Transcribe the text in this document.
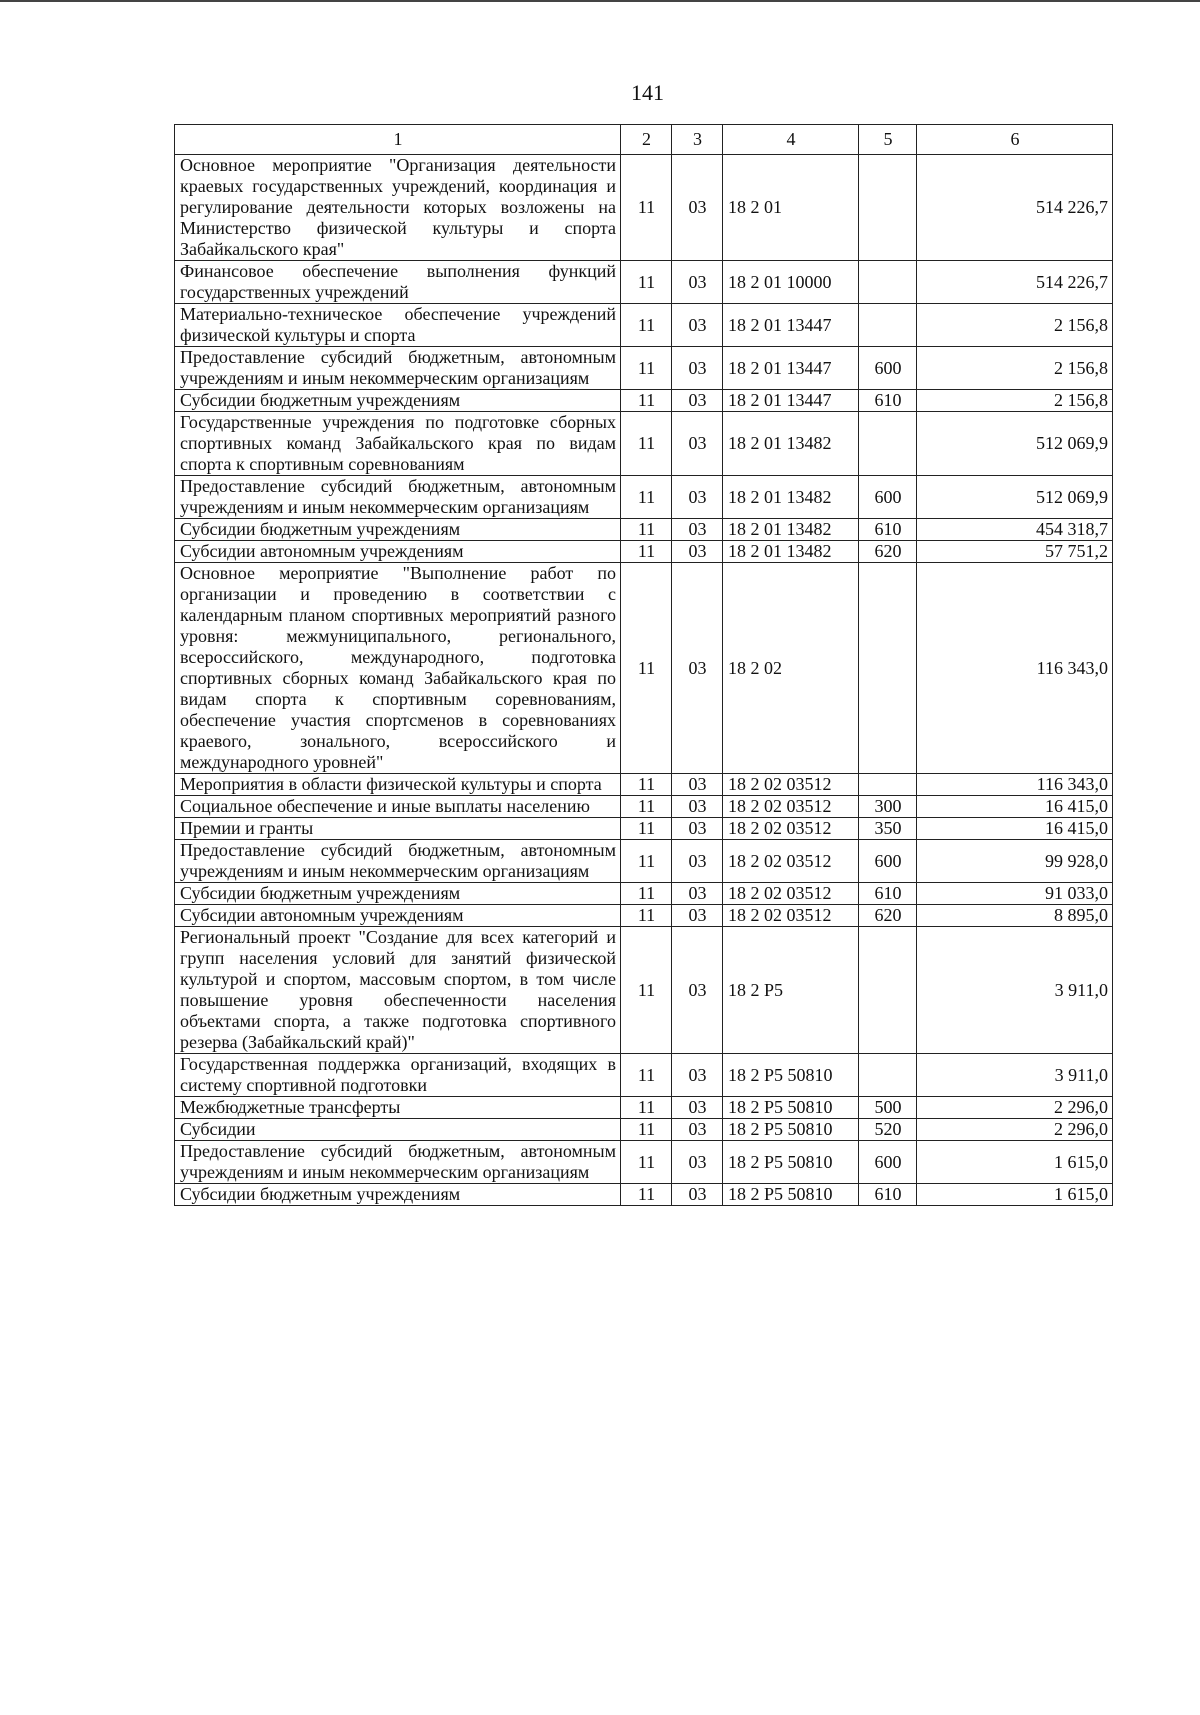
141
1	2	3	4	5	6
Основное мероприятие "Организация деятельности краевых государственных учреждений, координация и регулирование деятельности которых возложены на Министерство физической культуры и спорта Забайкальского края"	11	03	18 2 01		514 226,7
Финансовое обеспечение выполнения функций государственных учреждений	11	03	18 2 01 10000		514 226,7
Материально-техническое обеспечение учреждений физической культуры и спорта	11	03	18 2 01 13447		2 156,8
Предоставление субсидий бюджетным, автономным учреждениям и иным некоммерческим организациям	11	03	18 2 01 13447	600	2 156,8
Субсидии бюджетным учреждениям	11	03	18 2 01 13447	610	2 156,8
Государственные учреждения по подготовке сборных спортивных команд Забайкальского края по видам спорта к спортивным соревнованиям	11	03	18 2 01 13482		512 069,9
Предоставление субсидий бюджетным, автономным учреждениям и иным некоммерческим организациям	11	03	18 2 01 13482	600	512 069,9
Субсидии бюджетным учреждениям	11	03	18 2 01 13482	610	454 318,7
Субсидии автономным учреждениям	11	03	18 2 01 13482	620	57 751,2
Основное мероприятие "Выполнение работ по организации и проведению в соответствии с календарным планом спортивных мероприятий разного уровня: межмуниципального, регионального, всероссийского, международного, подготовка спортивных сборных команд Забайкальского края по видам спорта к спортивным соревнованиям, обеспечение участия спортсменов в соревнованиях краевого, зонального, всероссийского и международного уровней"	11	03	18 2 02		116 343,0
Мероприятия в области физической культуры и спорта	11	03	18 2 02 03512		116 343,0
Социальное обеспечение и иные выплаты населению	11	03	18 2 02 03512	300	16 415,0
Премии и гранты	11	03	18 2 02 03512	350	16 415,0
Предоставление субсидий бюджетным, автономным учреждениям и иным некоммерческим организациям	11	03	18 2 02 03512	600	99 928,0
Субсидии бюджетным учреждениям	11	03	18 2 02 03512	610	91 033,0
Субсидии автономным учреждениям	11	03	18 2 02 03512	620	8 895,0
Региональный проект "Создание для всех категорий и групп населения условий для занятий физической культурой и спортом, массовым спортом, в том числе повышение уровня обеспеченности населения объектами спорта, а также подготовка спортивного резерва (Забайкальский край)"	11	03	18 2 P5		3 911,0
Государственная поддержка организаций, входящих в систему спортивной подготовки	11	03	18 2 P5 50810		3 911,0
Межбюджетные трансферты	11	03	18 2 P5 50810	500	2 296,0
Субсидии	11	03	18 2 P5 50810	520	2 296,0
Предоставление субсидий бюджетным, автономным учреждениям и иным некоммерческим организациям	11	03	18 2 P5 50810	600	1 615,0
Субсидии бюджетным учреждениям	11	03	18 2 P5 50810	610	1 615,0
